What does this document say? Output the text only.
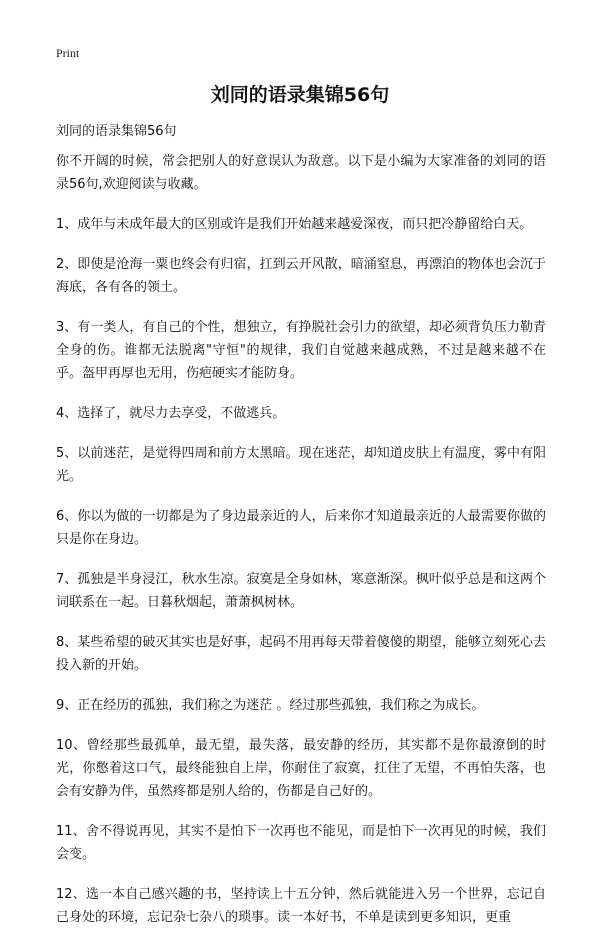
Print
刘同的语录集锦56句

刘同的语录集锦56句

你不开阔的时候，常会把别人的好意误认为敌意。以下是小编为大家准备的刘同的语录56句,欢迎阅读与收藏。

1、成年与未成年最大的区别或许是我们开始越来越爱深夜，而只把冷静留给白天。

2、即使是沧海一粟也终会有归宿，扛到云开风散，暗涌窒息，再漂泊的物体也会沉于海底，各有各的领土。

3、有一类人，有自己的个性，想独立，有挣脱社会引力的欲望，却必须背负压力勒青全身的伤。谁都无法脱离"守恒"的规律，我们自觉越来越成熟，不过是越来越不在乎。盔甲再厚也无用，伤疤硬实才能防身。

4、选择了，就尽力去享受，不做逃兵。

5、以前迷茫，是觉得四周和前方太黑暗。现在迷茫，却知道皮肤上有温度，雾中有阳光。

6、你以为做的一切都是为了身边最亲近的人，后来你才知道最亲近的人最需要你做的只是你在身边。

7、孤独是半身浸江，秋水生凉。寂寞是全身如林，寒意渐深。枫叶似乎总是和这两个词联系在一起。日暮秋烟起，萧萧枫树林。

8、某些希望的破灭其实也是好事，起码不用再每天带着傻傻的期望，能够立刻死心去投入新的开始。

9、正在经历的孤独，我们称之为迷茫 。经过那些孤独，我们称之为成长。

10、曾经那些最孤单，最无望，最失落，最安静的经历，其实都不是你最潦倒的时光，你憋着这口气，最终能独自上岸，你耐住了寂寞，扛住了无望，不再怕失落，也会有安静为伴，虽然疼都是别人给的，伤都是自己好的。

11、舍不得说再见，其实不是怕下一次再也不能见，而是怕下一次再见的时候，我们会变。

12、选一本自己感兴趣的书，坚持读上十五分钟，然后就能进入另一个世界，忘记自己身处的环境，忘记杂七杂八的琐事。读一本好书，不单是读到更多知识，更重
